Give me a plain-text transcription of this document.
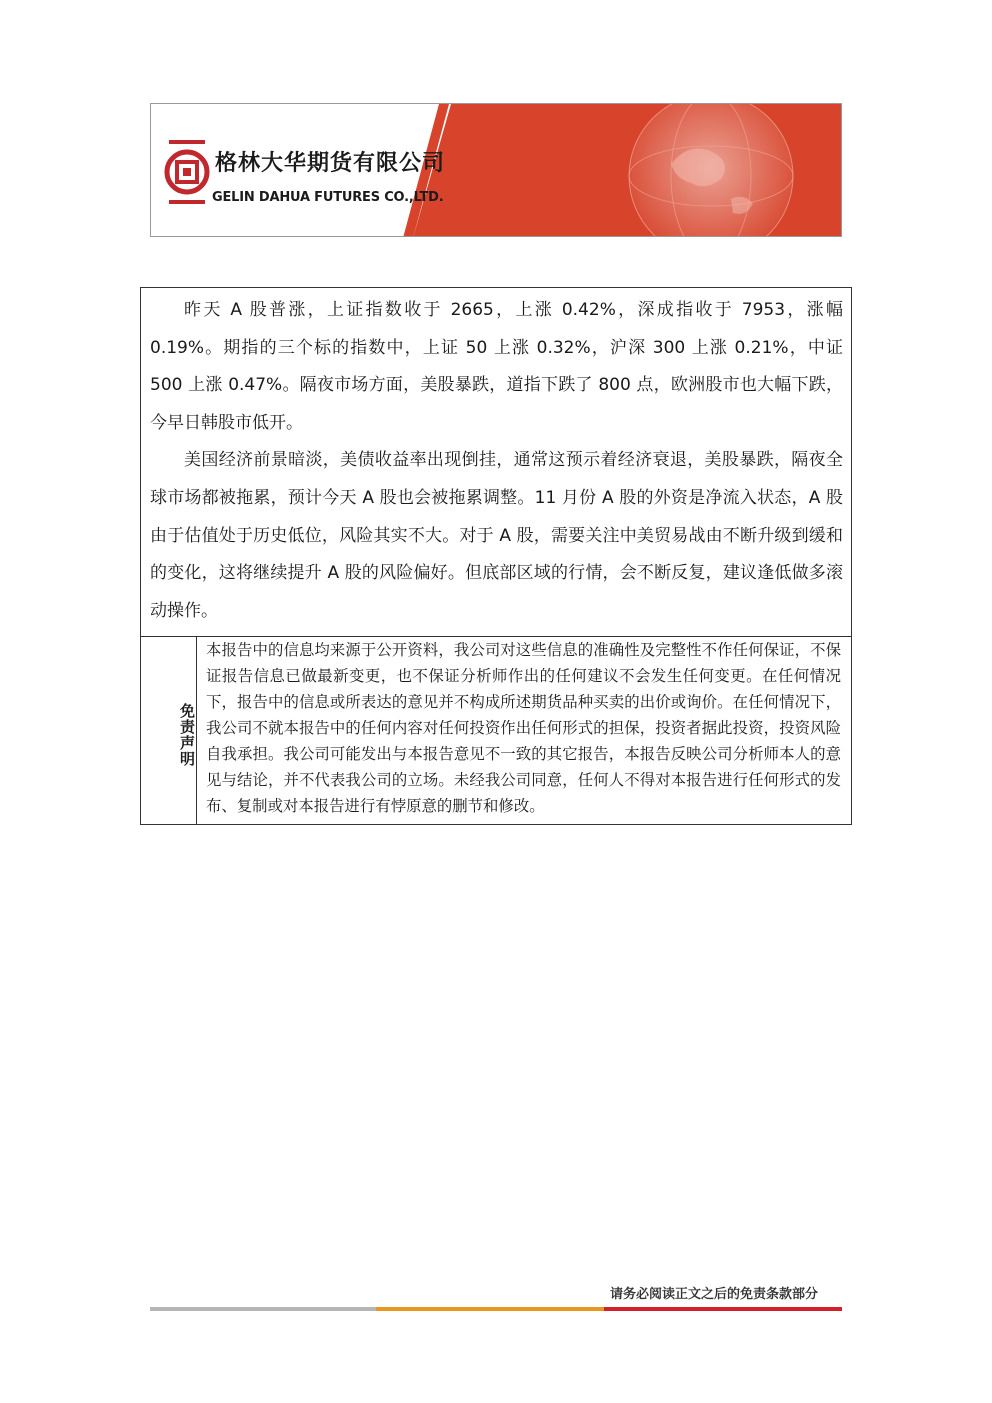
格林大华期货有限公司
GELIN DAHUA FUTURES CO.,LTD.

昨天 A 股普涨，上证指数收于 2665，上涨 0.42%，深成指收于 7953，涨幅 0.19%。期指的三个标的指数中，上证 50 上涨 0.32%，沪深 300 上涨 0.21%，中证 500 上涨 0.47%。隔夜市场方面，美股暴跌，道指下跌了 800 点，欧洲股市也大幅下跌，今早日韩股市低开。

美国经济前景暗淡，美债收益率出现倒挂，通常这预示着经济衰退，美股暴跌，隔夜全球市场都被拖累，预计今天 A 股也会被拖累调整。11 月份 A 股的外资是净流入状态，A 股由于估值处于历史低位，风险其实不大。对于 A 股，需要关注中美贸易战由不断升级到缓和的变化，这将继续提升 A 股的风险偏好。但底部区域的行情，会不断反复，建议逢低做多滚动操作。

免责声明
本报告中的信息均来源于公开资料，我公司对这些信息的准确性及完整性不作任何保证，不保证报告信息已做最新变更，也不保证分析师作出的任何建议不会发生任何变更。在任何情况下，报告中的信息或所表达的意见并不构成所述期货品种买卖的出价或询价。在任何情况下，我公司不就本报告中的任何内容对任何投资作出任何形式的担保，投资者据此投资，投资风险自我承担。我公司可能发出与本报告意见不一致的其它报告，本报告反映公司分析师本人的意见与结论，并不代表我公司的立场。未经我公司同意，任何人不得对本报告进行任何形式的发布、复制或对本报告进行有悖原意的删节和修改。
请务必阅读正文之后的免责条款部分
